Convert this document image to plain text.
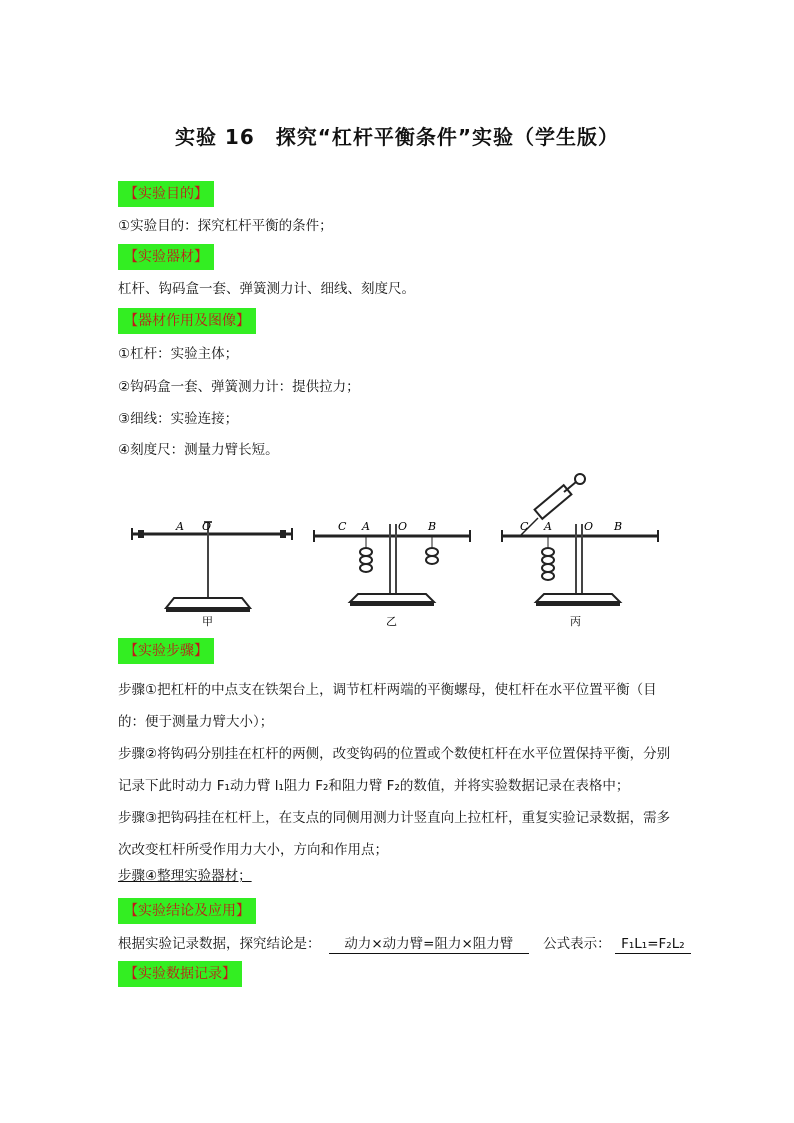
实验 16　探究“杠杆平衡条件”实验（学生版）
【实验目的】
①实验目的：探究杠杆平衡的条件；
【实验器材】
杠杆、钩码盒一套、弹簧测力计、细线、刻度尺。
【器材作用及图像】
①杠杆：实验主体；
②钩码盒一套、弹簧测力计：提供拉力；
③细线：实验连接；
④刻度尺：测量力臂长短。
A O
甲
C A	O B
乙
C A	O B
丙
【实验步骤】
步骤①把杠杆的中点支在铁架台上，调节杠杆两端的平衡螺母，使杠杆在水平位置平衡（目的：便于测量力臂大小）；
步骤②将钩码分别挂在杠杆的两侧，改变钩码的位置或个数使杠杆在水平位置保持平衡，分别记录下此时动力 F₁动力臂 l₁阻力 F₂和阻力臂 F₂的数值，并将实验数据记录在表格中；
步骤③把钩码挂在杠杆上，在支点的同侧用测力计竖直向上拉杠杆，重复实验记录数据，需多次改变杠杆所受作用力大小，方向和作用点；
步骤④整理实验器材；
【实验结论及应用】
根据实验记录数据，探究结论是： 动力×动力臂=阻力×阻力臂 公式表示： F₁L₁=F₂L₂
【实验数据记录】
